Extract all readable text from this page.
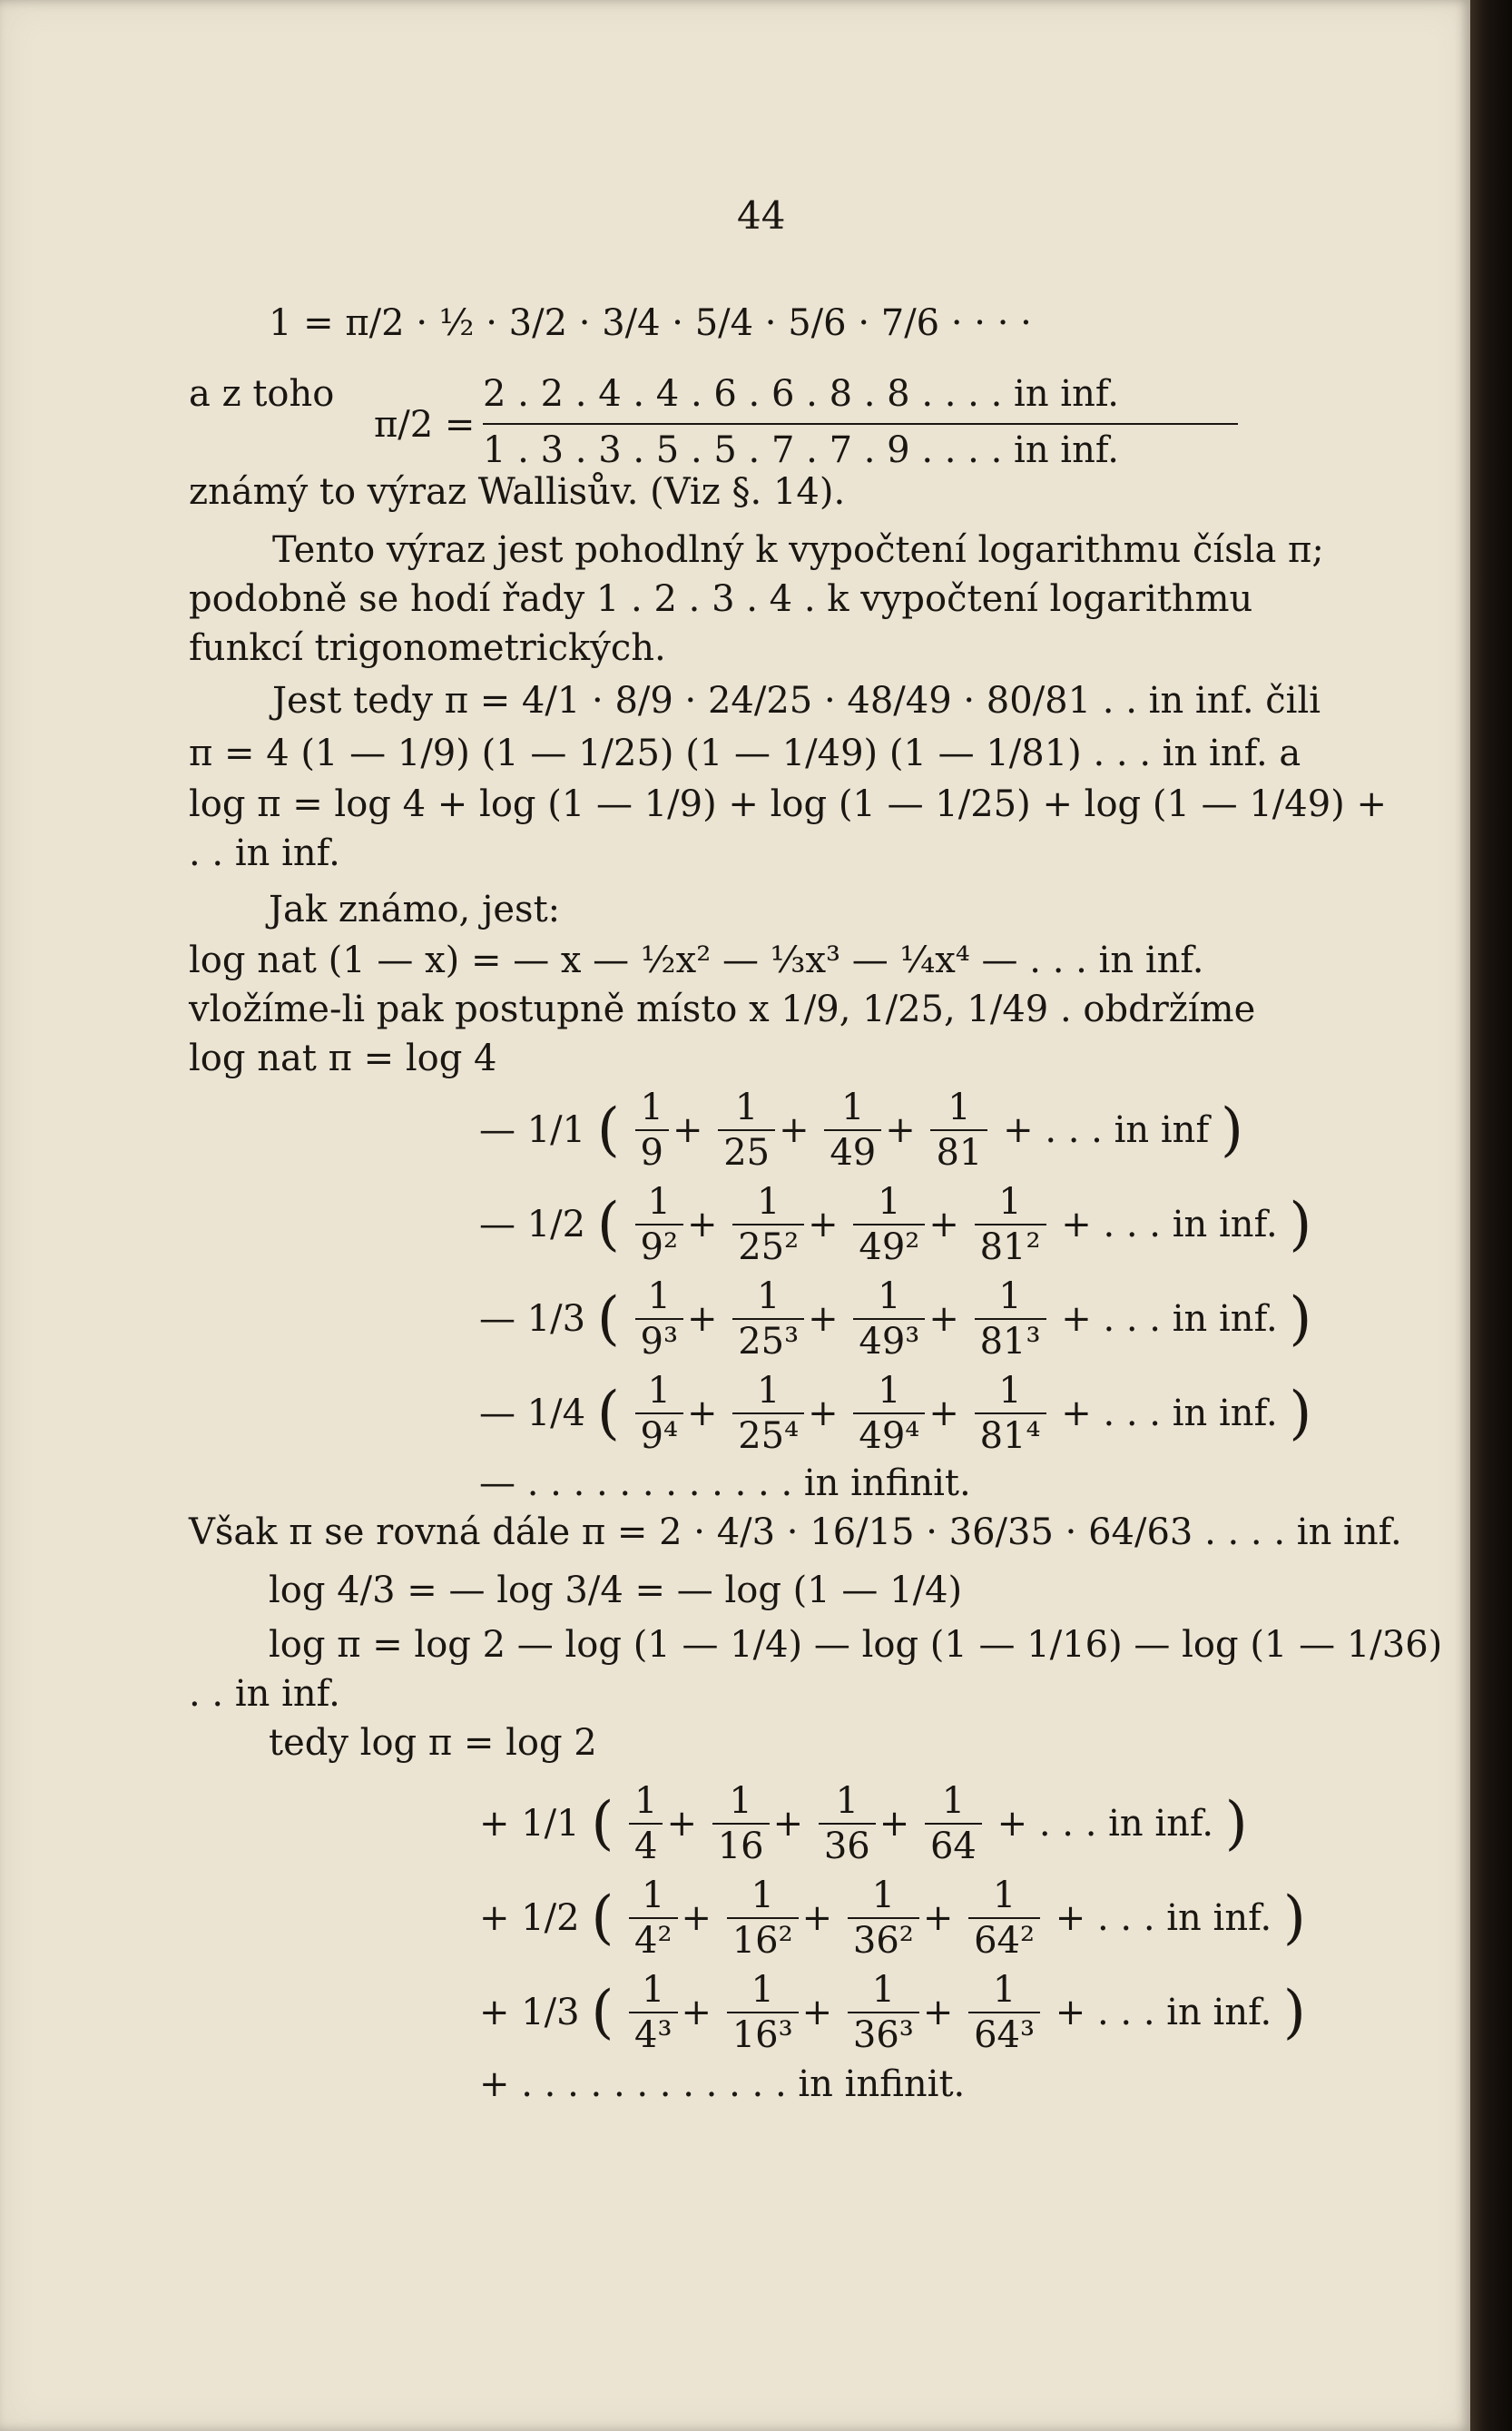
44
1 = π/2 · ½ · 3/2 · 3/4 · 5/4 · 5/6 · 7/6 · · · ·
a z toho
π/2 =
2 . 2 . 4 . 4 . 6 . 6 . 8 . 8 . . . . in inf.
1 . 3 . 3 . 5 . 5 . 7 . 7 . 9 . . . . in inf.
známý to výraz Wallisův. (Viz §. 14).
Tento výraz jest pohodlný k vypočtení logarithmu čísla π;
podobně se hodí řady 1 . 2 . 3 . 4 . k vypočtení logarithmu
funkcí trigonometrických.
Jest tedy π = 4/1 · 8/9 · 24/25 · 48/49 · 80/81 . . in inf. čili
π = 4 (1 — 1/9) (1 — 1/25) (1 — 1/49) (1 — 1/81) . . . in inf. a
log π = log 4 + log (1 — 1/9) + log (1 — 1/25) + log (1 — 1/49) +
. . in inf.
Jak známo, jest:
log nat (1 — x) = — x — ½x² — ⅓x³ — ¼x⁴ — . . . in inf.
vložíme-li pak postupně místo x 1/9, 1/25, 1/49 . obdržíme
log nat π = log 4
— 1/1 ( $\frac{1}{9} + \frac{1}{25} + \frac{1}{49} + \frac{1}{81}$ + . . . in inf )
— 1/2 ( $\frac{1}{\text{9²}} + \frac{1}{\text{25²}} + \frac{1}{\text{49²}} + \frac{1}{\text{81²}}$ + . . . in inf. )
— 1/3 ( $\frac{1}{\text{9³}} + \frac{1}{\text{25³}} + \frac{1}{\text{49³}} + \frac{1}{\text{81³}}$ + . . . in inf. )
— 1/4 ( $\frac{1}{\text{9⁴}} + \frac{1}{\text{25⁴}} + \frac{1}{\text{49⁴}} + \frac{1}{\text{81⁴}}$ + . . . in inf. )
— . . . . . . . . . . . . in infinit.
Však π se rovná dále π = 2 · 4/3 · 16/15 · 36/35 · 64/63 . . . . in inf.
log 4/3 = — log 3/4 = — log (1 — 1/4)
log π = log 2 — log (1 — 1/4) — log (1 — 1/16) — log (1 — 1/36)
. . in inf.
tedy log π = log 2
+ 1/1 ( $\frac{1}{4} + \frac{1}{16} + \frac{1}{36} + \frac{1}{64}$ + . . . in inf. )
+ 1/2 ( $\frac{1}{\text{4²}} + \frac{1}{\text{16²}} + \frac{1}{\text{36²}} + \frac{1}{\text{64²}}$ + . . . in inf. )
+ 1/3 ( $\frac{1}{\text{4³}} + \frac{1}{\text{16³}} + \frac{1}{\text{36³}} + \frac{1}{\text{64³}}$ + . . . in inf. )
+ . . . . . . . . . . . . in infinit.
